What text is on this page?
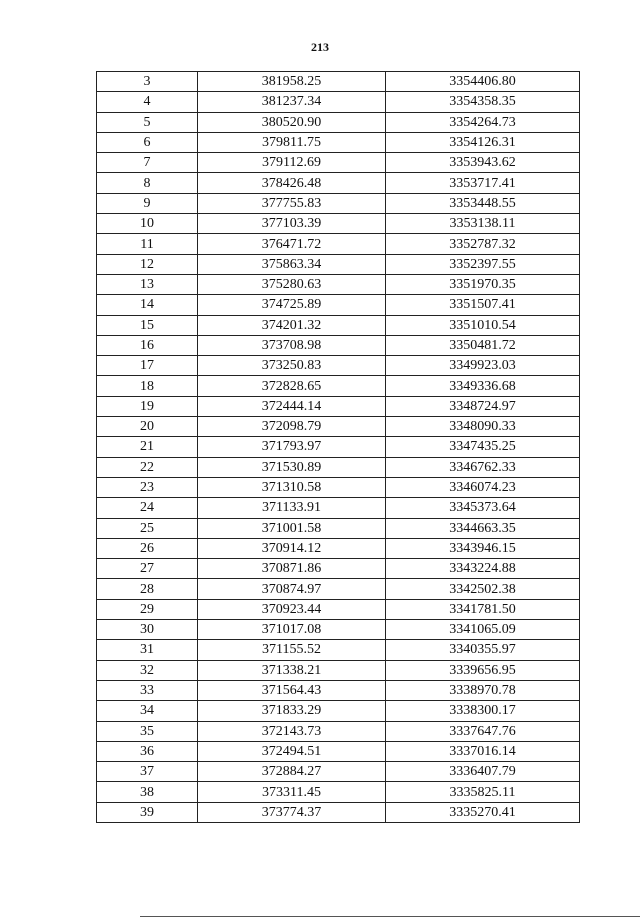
213
3	381958.25	3354406.80
4	381237.34	3354358.35
5	380520.90	3354264.73
6	379811.75	3354126.31
7	379112.69	3353943.62
8	378426.48	3353717.41
9	377755.83	3353448.55
10	377103.39	3353138.11
11	376471.72	3352787.32
12	375863.34	3352397.55
13	375280.63	3351970.35
14	374725.89	3351507.41
15	374201.32	3351010.54
16	373708.98	3350481.72
17	373250.83	3349923.03
18	372828.65	3349336.68
19	372444.14	3348724.97
20	372098.79	3348090.33
21	371793.97	3347435.25
22	371530.89	3346762.33
23	371310.58	3346074.23
24	371133.91	3345373.64
25	371001.58	3344663.35
26	370914.12	3343946.15
27	370871.86	3343224.88
28	370874.97	3342502.38
29	370923.44	3341781.50
30	371017.08	3341065.09
31	371155.52	3340355.97
32	371338.21	3339656.95
33	371564.43	3338970.78
34	371833.29	3338300.17
35	372143.73	3337647.76
36	372494.51	3337016.14
37	372884.27	3336407.79
38	373311.45	3335825.11
39	373774.37	3335270.41
